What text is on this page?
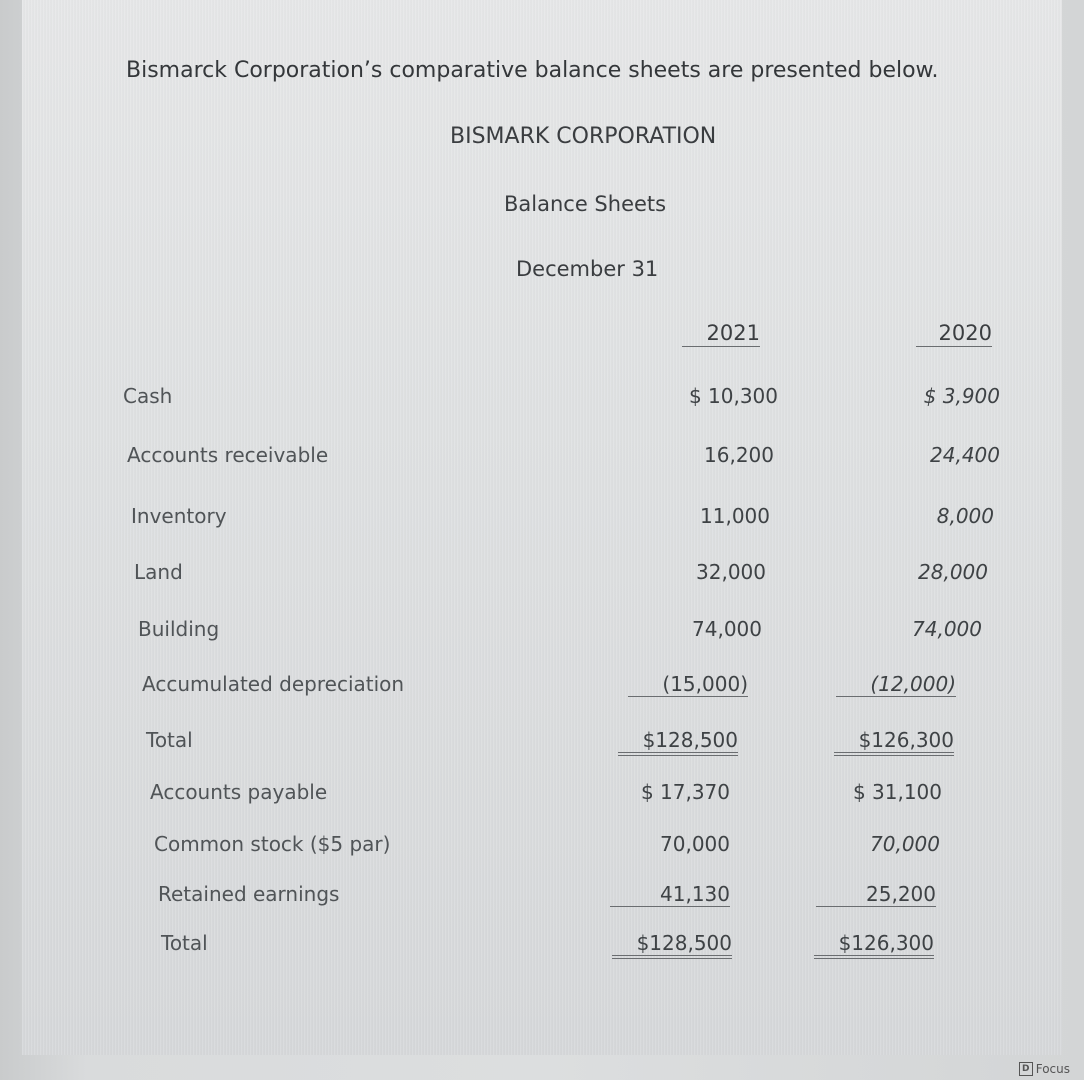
Bismarck Corporation’s comparative balance sheets are presented below.
BISMARK CORPORATION
Balance Sheets
December 31
2021	2020
Cash	$ 10,300	$ 3,900
Accounts receivable	16,200	24,400
Inventory	11,000	8,000
Land	32,000	28,000
Building	74,000	74,000
Accumulated depreciation	(15,000)	(12,000)
Total	$128,500	$126,300
Accounts payable	$ 17,370	$ 31,100
Common stock ($5 par)	70,000	70,000
Retained earnings	41,130	25,200
Total	$128,500	$126,300
D Focus
